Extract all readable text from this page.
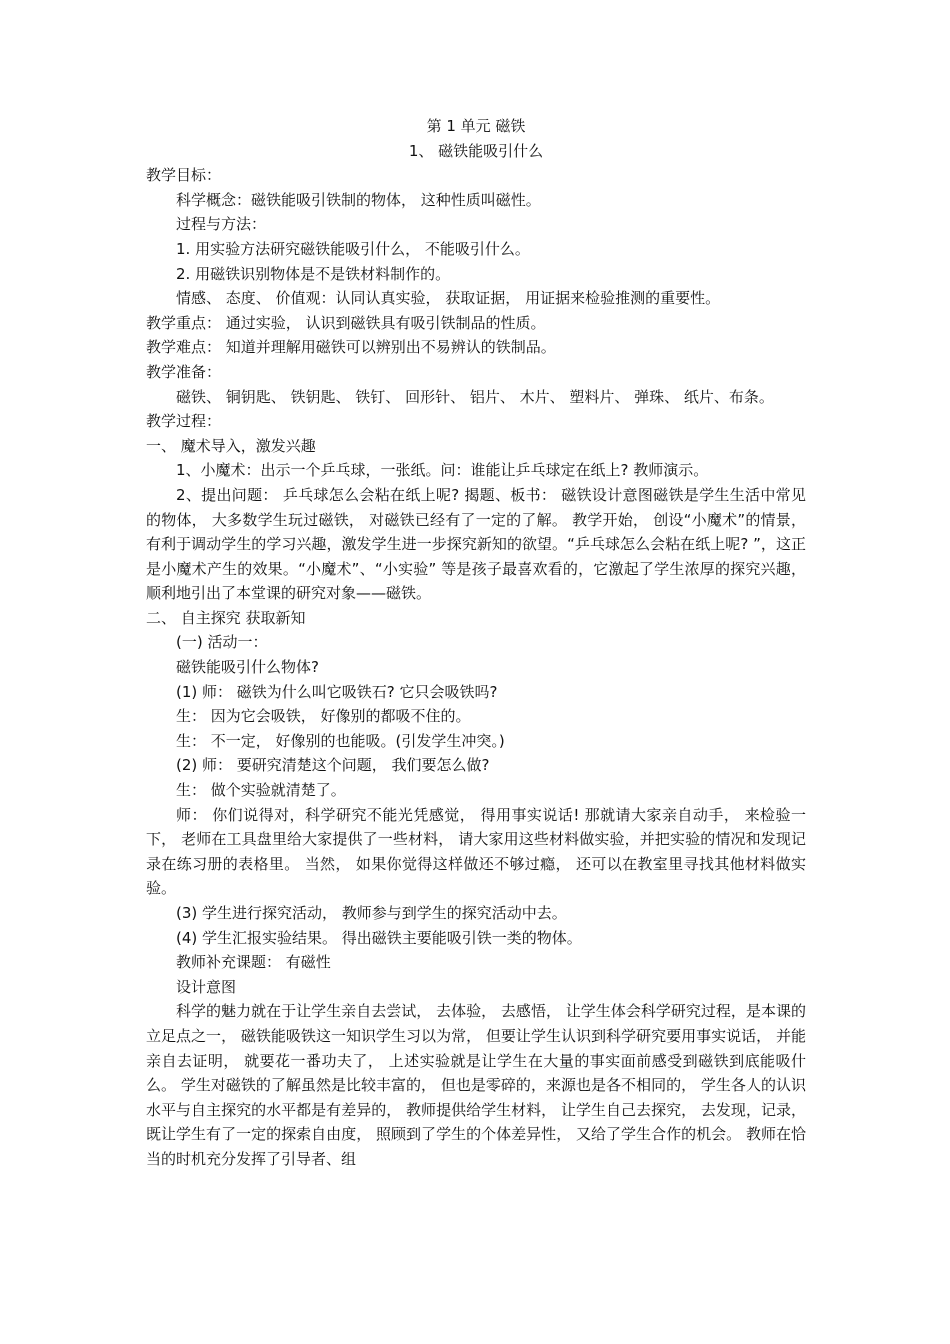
第 1 单元 磁铁

1、 磁铁能吸引什么

教学目标：

科学概念：磁铁能吸引铁制的物体， 这种性质叫磁性。

过程与方法：

1. 用实验方法研究磁铁能吸引什么， 不能吸引什么。

2. 用磁铁识别物体是不是铁材料制作的。

情感、 态度、 价值观：认同认真实验， 获取证据， 用证据来检验推测的重要性。

教学重点： 通过实验， 认识到磁铁具有吸引铁制品的性质。

教学难点： 知道并理解用磁铁可以辨别出不易辨认的铁制品。

教学准备：

磁铁、 铜钥匙、 铁钥匙、 铁钉、 回形针、 铝片、 木片、 塑料片、 弹珠、 纸片、布条。

教学过程：

一、 魔术导入，激发兴趣

1、小魔术：出示一个乒乓球，一张纸。问：谁能让乒乓球定在纸上? 教师演示。

2、提出问题： 乒乓球怎么会粘在纸上呢? 揭题、板书： 磁铁设计意图磁铁是学生生活中常见的物体， 大多数学生玩过磁铁， 对磁铁已经有了一定的了解。 教学开始， 创设“小魔术”的情景，有利于调动学生的学习兴趣，激发学生进一步探究新知的欲望。“乒乓球怎么会粘在纸上呢? ”，这正是小魔术产生的效果。“小魔术”、“小实验” 等是孩子最喜欢看的，它激起了学生浓厚的探究兴趣，顺利地引出了本堂课的研究对象——磁铁。

二、 自主探究 获取新知

(一) 活动一：

磁铁能吸引什么物体?

(1) 师： 磁铁为什么叫它吸铁石? 它只会吸铁吗?

生： 因为它会吸铁， 好像别的都吸不住的。

生： 不一定， 好像别的也能吸。(引发学生冲突。)

(2) 师： 要研究清楚这个问题， 我们要怎么做?

生： 做个实验就清楚了。

师： 你们说得对，科学研究不能光凭感觉， 得用事实说话! 那就请大家亲自动手， 来检验一下， 老师在工具盘里给大家提供了一些材料， 请大家用这些材料做实验，并把实验的情况和发现记录在练习册的表格里。 当然， 如果你觉得这样做还不够过瘾， 还可以在教室里寻找其他材料做实验。

(3) 学生进行探究活动， 教师参与到学生的探究活动中去。

(4) 学生汇报实验结果。 得出磁铁主要能吸引铁一类的物体。

教师补充课题： 有磁性

设计意图

科学的魅力就在于让学生亲自去尝试， 去体验， 去感悟， 让学生体会科学研究过程，是本课的立足点之一， 磁铁能吸铁这一知识学生习以为常， 但要让学生认识到科学研究要用事实说话， 并能亲自去证明， 就要花一番功夫了， 上述实验就是让学生在大量的事实面前感受到磁铁到底能吸什么。 学生对磁铁的了解虽然是比较丰富的， 但也是零碎的，来源也是各不相同的， 学生各人的认识水平与自主探究的水平都是有差异的， 教师提供给学生材料， 让学生自己去探究， 去发现，记录， 既让学生有了一定的探索自由度， 照顾到了学生的个体差异性， 又给了学生合作的机会。 教师在恰当的时机充分发挥了引导者、组
